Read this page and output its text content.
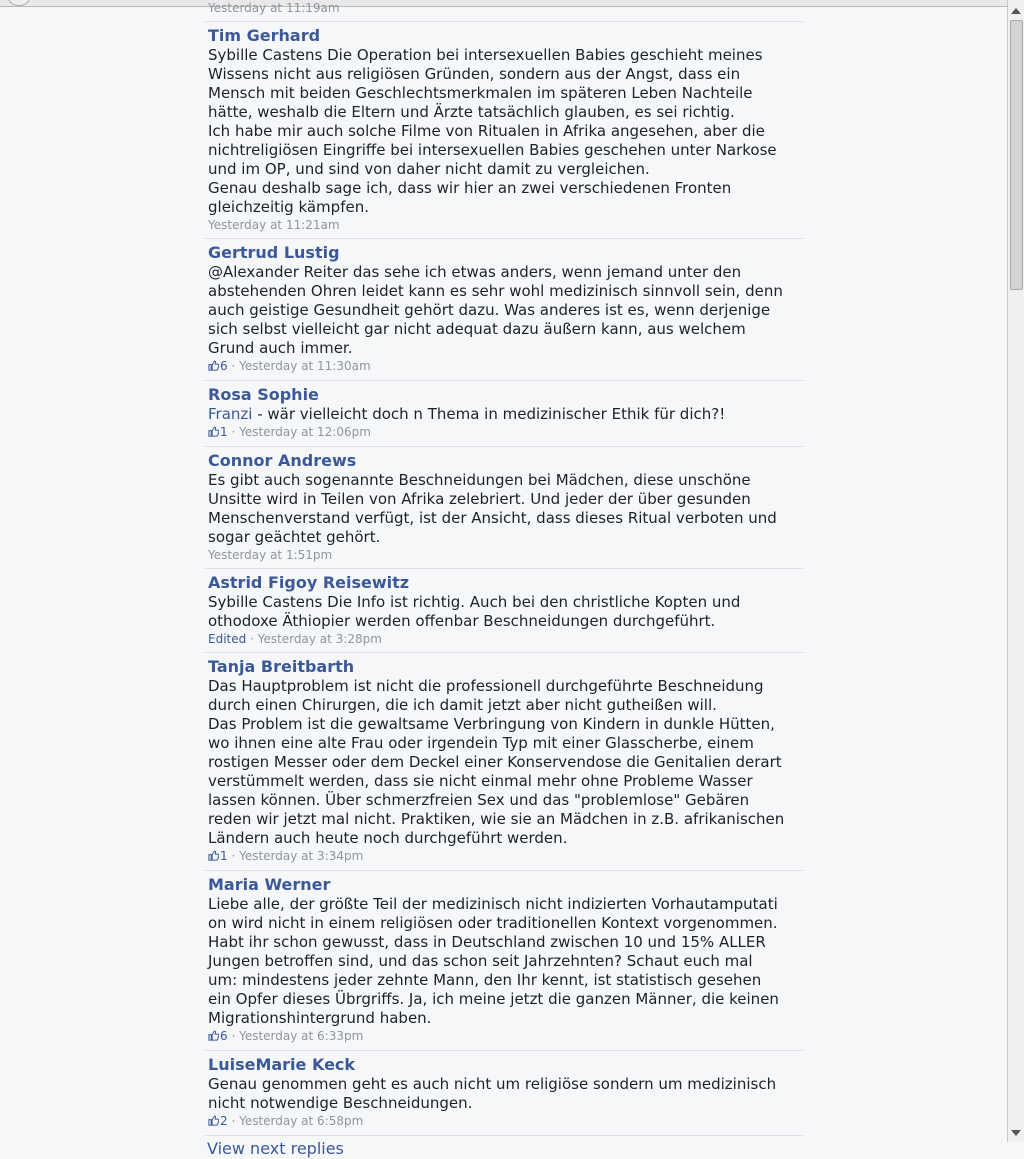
Yesterday at 11:19am
Tim Gerhard
Sybille Castens Die Operation bei intersexuellen Babies geschieht meines
Wissens nicht aus religiösen Gründen, sondern aus der Angst, dass ein
Mensch mit beiden Geschlechtsmerkmalen im späteren Leben Nachteile
hätte, weshalb die Eltern und Ärzte tatsächlich glauben, es sei richtig.
Ich habe mir auch solche Filme von Ritualen in Afrika angesehen, aber die
nichtreligiösen Eingriffe bei intersexuellen Babies geschehen unter Narkose
und im OP, und sind von daher nicht damit zu vergleichen.
Genau deshalb sage ich, dass wir hier an zwei verschiedenen Fronten
gleichzeitig kämpfen.
Yesterday at 11:21am
Gertrud Lustig
@Alexander Reiter das sehe ich etwas anders, wenn jemand unter den
abstehenden Ohren leidet kann es sehr wohl medizinisch sinnvoll sein, denn
auch geistige Gesundheit gehört dazu. Was anderes ist es, wenn derjenige
sich selbst vielleicht gar nicht adequat dazu äußern kann, aus welchem
Grund auch immer.
6 · Yesterday at 11:30am
Rosa Sophie
Franzi - wär vielleicht doch n Thema in medizinischer Ethik für dich?!
1 · Yesterday at 12:06pm
Connor Andrews
Es gibt auch sogenannte Beschneidungen bei Mädchen, diese unschöne
Unsitte wird in Teilen von Afrika zelebriert. Und jeder der über gesunden
Menschenverstand verfügt, ist der Ansicht, dass dieses Ritual verboten und
sogar geächtet gehört.
Yesterday at 1:51pm
Astrid Figoy Reisewitz
Sybille Castens Die Info ist richtig. Auch bei den christliche Kopten und
othodoxe Äthiopier werden offenbar Beschneidungen durchgeführt.
Edited · Yesterday at 3:28pm
Tanja Breitbarth
Das Hauptproblem ist nicht die professionell durchgeführte Beschneidung
durch einen Chirurgen, die ich damit jetzt aber nicht gutheißen will.
Das Problem ist die gewaltsame Verbringung von Kindern in dunkle Hütten,
wo ihnen eine alte Frau oder irgendein Typ mit einer Glasscherbe, einem
rostigen Messer oder dem Deckel einer Konservendose die Genitalien derart
verstümmelt werden, dass sie nicht einmal mehr ohne Probleme Wasser
lassen können. Über schmerzfreien Sex und das "problemlose" Gebären
reden wir jetzt mal nicht. Praktiken, wie sie an Mädchen in z.B. afrikanischen
Ländern auch heute noch durchgeführt werden.
1 · Yesterday at 3:34pm
Maria Werner
Liebe alle, der größte Teil der medizinisch nicht indizierten Vorhautamputati
on wird nicht in einem religiösen oder traditionellen Kontext vorgenommen.
Habt ihr schon gewusst, dass in Deutschland zwischen 10 und 15% ALLER
Jungen betroffen sind, und das schon seit Jahrzehnten? Schaut euch mal
um: mindestens jeder zehnte Mann, den Ihr kennt, ist statistisch gesehen
ein Opfer dieses Übrgriffs. Ja, ich meine jetzt die ganzen Männer, die keinen
Migrationshintergrund haben.
6 · Yesterday at 6:33pm
LuiseMarie Keck
Genau genommen geht es auch nicht um religiöse sondern um medizinisch
nicht notwendige Beschneidungen.
2 · Yesterday at 6:58pm
View next replies
